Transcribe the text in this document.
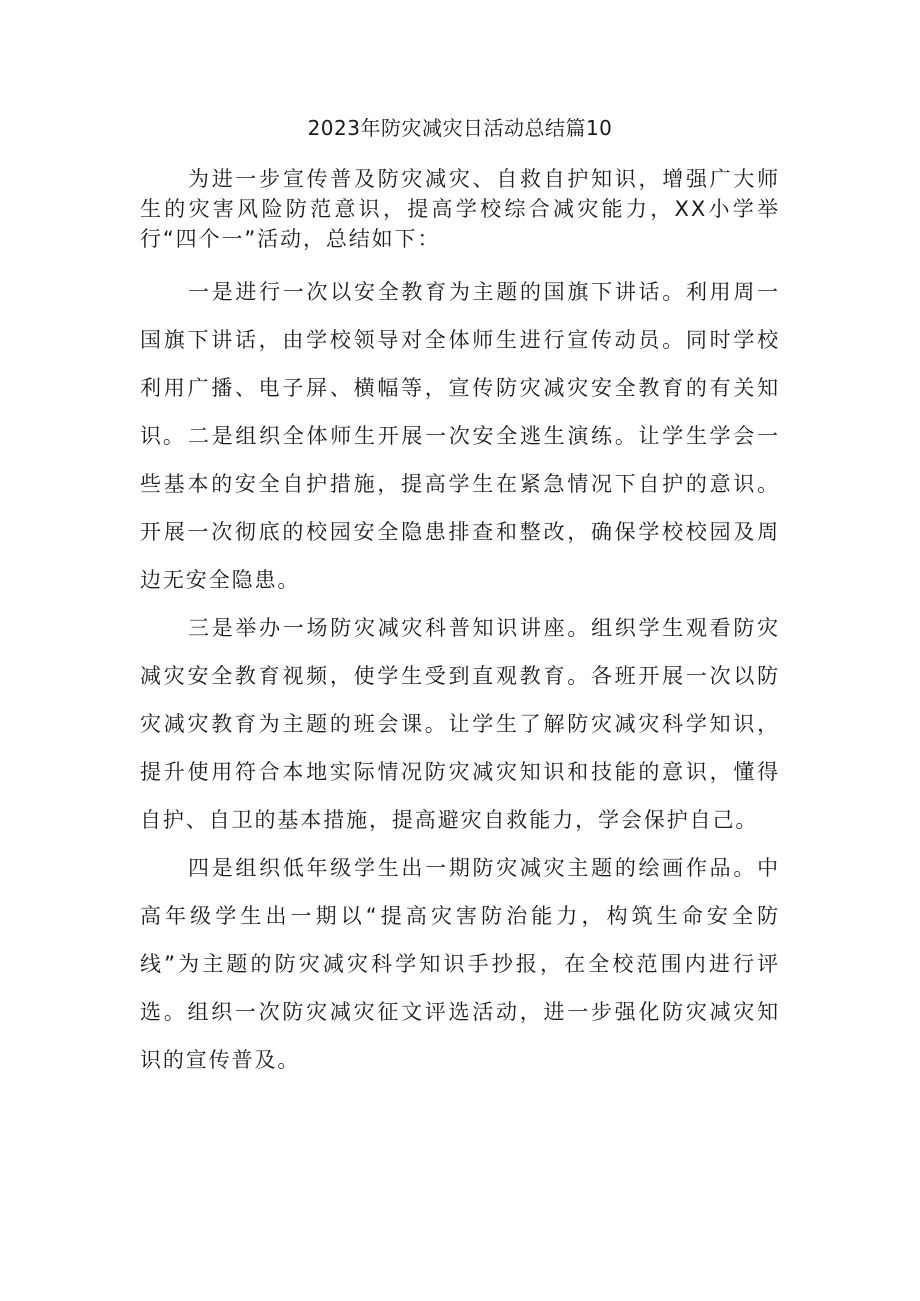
2023年防灾减灾日活动总结篇10

为进一步宣传普及防灾减灾、自救自护知识，增强广大师生的灾害风险防范意识，提高学校综合减灾能力，XX小学举行“四个一”活动，总结如下：

一是进行一次以安全教育为主题的国旗下讲话。利用周一国旗下讲话，由学校领导对全体师生进行宣传动员。同时学校利用广播、电子屏、横幅等，宣传防灾减灾安全教育的有关知识。 二是组织全体师生开展一次安全逃生演练。让学生学会一些基本的安全自护措施，提高学生在紧急情况下自护的意识。开展一次彻底的校园安全隐患排查和整改，确保学校校园及周边无安全隐患。

三是举办一场防灾减灾科普知识讲座。组织学生观看防灾减灾安全教育视频，使学生受到直观教育。各班开展一次以防灾减灾教育为主题的班会课。让学生了解防灾减灾科学知识，提升使用符合本地实际情况防灾减灾知识和技能的意识，懂得自护、自卫的基本措施，提高避灾自救能力，学会保护自己。

四是组织低年级学生出一期防灾减灾主题的绘画作品。中高年级学生出一期以“提高灾害防治能力，构筑生命安全防线”为主题的防灾减灾科学知识手抄报，在全校范围内进行评选。组织一次防灾减灾征文评选活动，进一步强化防灾减灾知识的宣传普及。
